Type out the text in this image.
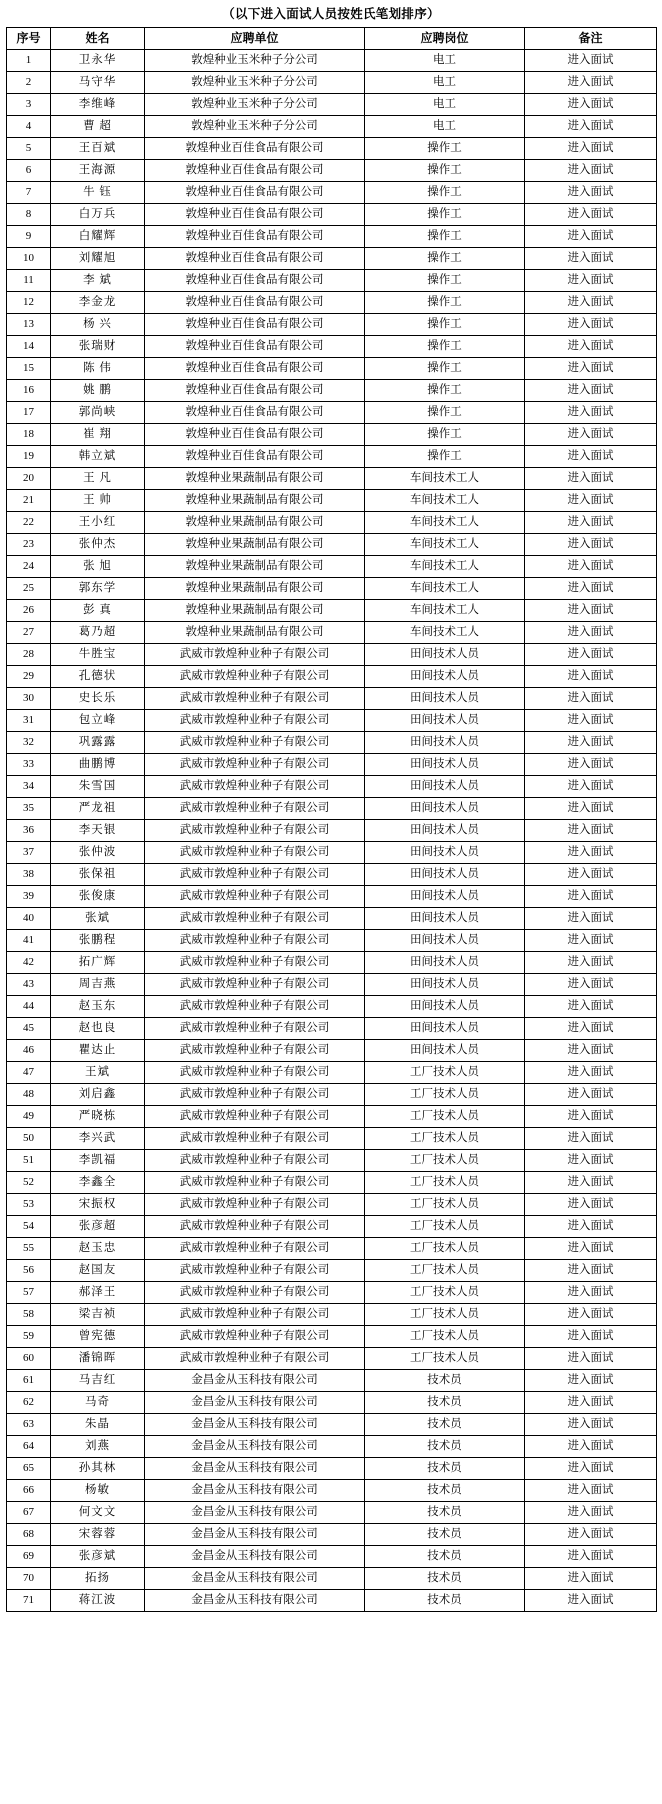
（以下进入面试人员按姓氏笔划排序）
序号	姓名	应聘单位	应聘岗位	备注
1	卫永华	敦煌种业玉米种子分公司	电工	进入面试
2	马守华	敦煌种业玉米种子分公司	电工	进入面试
3	李维峰	敦煌种业玉米种子分公司	电工	进入面试
4	曹 超	敦煌种业玉米种子分公司	电工	进入面试
5	王百斌	敦煌种业百佳食品有限公司	操作工	进入面试
6	王海源	敦煌种业百佳食品有限公司	操作工	进入面试
7	牛 钰	敦煌种业百佳食品有限公司	操作工	进入面试
8	白万兵	敦煌种业百佳食品有限公司	操作工	进入面试
9	白耀辉	敦煌种业百佳食品有限公司	操作工	进入面试
10	刘耀旭	敦煌种业百佳食品有限公司	操作工	进入面试
11	李 斌	敦煌种业百佳食品有限公司	操作工	进入面试
12	李金龙	敦煌种业百佳食品有限公司	操作工	进入面试
13	杨 兴	敦煌种业百佳食品有限公司	操作工	进入面试
14	张瑞财	敦煌种业百佳食品有限公司	操作工	进入面试
15	陈 伟	敦煌种业百佳食品有限公司	操作工	进入面试
16	姚 鹏	敦煌种业百佳食品有限公司	操作工	进入面试
17	郭尚峡	敦煌种业百佳食品有限公司	操作工	进入面试
18	崔 翔	敦煌种业百佳食品有限公司	操作工	进入面试
19	韩立斌	敦煌种业百佳食品有限公司	操作工	进入面试
20	王 凡	敦煌种业果蔬制品有限公司	车间技术工人	进入面试
21	王 帅	敦煌种业果蔬制品有限公司	车间技术工人	进入面试
22	王小红	敦煌种业果蔬制品有限公司	车间技术工人	进入面试
23	张仲杰	敦煌种业果蔬制品有限公司	车间技术工人	进入面试
24	张 旭	敦煌种业果蔬制品有限公司	车间技术工人	进入面试
25	郭东学	敦煌种业果蔬制品有限公司	车间技术工人	进入面试
26	彭 真	敦煌种业果蔬制品有限公司	车间技术工人	进入面试
27	葛乃超	敦煌种业果蔬制品有限公司	车间技术工人	进入面试
28	牛胜宝	武威市敦煌种业种子有限公司	田间技术人员	进入面试
29	孔德状	武威市敦煌种业种子有限公司	田间技术人员	进入面试
30	史长乐	武威市敦煌种业种子有限公司	田间技术人员	进入面试
31	包立峰	武威市敦煌种业种子有限公司	田间技术人员	进入面试
32	巩露露	武威市敦煌种业种子有限公司	田间技术人员	进入面试
33	曲鹏博	武威市敦煌种业种子有限公司	田间技术人员	进入面试
34	朱雪国	武威市敦煌种业种子有限公司	田间技术人员	进入面试
35	严龙祖	武威市敦煌种业种子有限公司	田间技术人员	进入面试
36	李天银	武威市敦煌种业种子有限公司	田间技术人员	进入面试
37	张仲波	武威市敦煌种业种子有限公司	田间技术人员	进入面试
38	张保祖	武威市敦煌种业种子有限公司	田间技术人员	进入面试
39	张俊康	武威市敦煌种业种子有限公司	田间技术人员	进入面试
40	张斌	武威市敦煌种业种子有限公司	田间技术人员	进入面试
41	张鹏程	武威市敦煌种业种子有限公司	田间技术人员	进入面试
42	拓广辉	武威市敦煌种业种子有限公司	田间技术人员	进入面试
43	周吉燕	武威市敦煌种业种子有限公司	田间技术人员	进入面试
44	赵玉东	武威市敦煌种业种子有限公司	田间技术人员	进入面试
45	赵也良	武威市敦煌种业种子有限公司	田间技术人员	进入面试
46	瞿达止	武威市敦煌种业种子有限公司	田间技术人员	进入面试
47	王斌	武威市敦煌种业种子有限公司	工厂技术人员	进入面试
48	刘启鑫	武威市敦煌种业种子有限公司	工厂技术人员	进入面试
49	严晓栋	武威市敦煌种业种子有限公司	工厂技术人员	进入面试
50	李兴武	武威市敦煌种业种子有限公司	工厂技术人员	进入面试
51	李凯福	武威市敦煌种业种子有限公司	工厂技术人员	进入面试
52	李鑫全	武威市敦煌种业种子有限公司	工厂技术人员	进入面试
53	宋振权	武威市敦煌种业种子有限公司	工厂技术人员	进入面试
54	张彦超	武威市敦煌种业种子有限公司	工厂技术人员	进入面试
55	赵玉忠	武威市敦煌种业种子有限公司	工厂技术人员	进入面试
56	赵国友	武威市敦煌种业种子有限公司	工厂技术人员	进入面试
57	郝泽王	武威市敦煌种业种子有限公司	工厂技术人员	进入面试
58	梁吉祯	武威市敦煌种业种子有限公司	工厂技术人员	进入面试
59	曾宪德	武威市敦煌种业种子有限公司	工厂技术人员	进入面试
60	潘锦晖	武威市敦煌种业种子有限公司	工厂技术人员	进入面试
61	马吉红	金昌金从玉科技有限公司	技术员	进入面试
62	马奇	金昌金从玉科技有限公司	技术员	进入面试
63	朱晶	金昌金从玉科技有限公司	技术员	进入面试
64	刘燕	金昌金从玉科技有限公司	技术员	进入面试
65	孙其林	金昌金从玉科技有限公司	技术员	进入面试
66	杨敏	金昌金从玉科技有限公司	技术员	进入面试
67	何文文	金昌金从玉科技有限公司	技术员	进入面试
68	宋蓉蓉	金昌金从玉科技有限公司	技术员	进入面试
69	张彦斌	金昌金从玉科技有限公司	技术员	进入面试
70	拓扬	金昌金从玉科技有限公司	技术员	进入面试
71	蒋江波	金昌金从玉科技有限公司	技术员	进入面试
